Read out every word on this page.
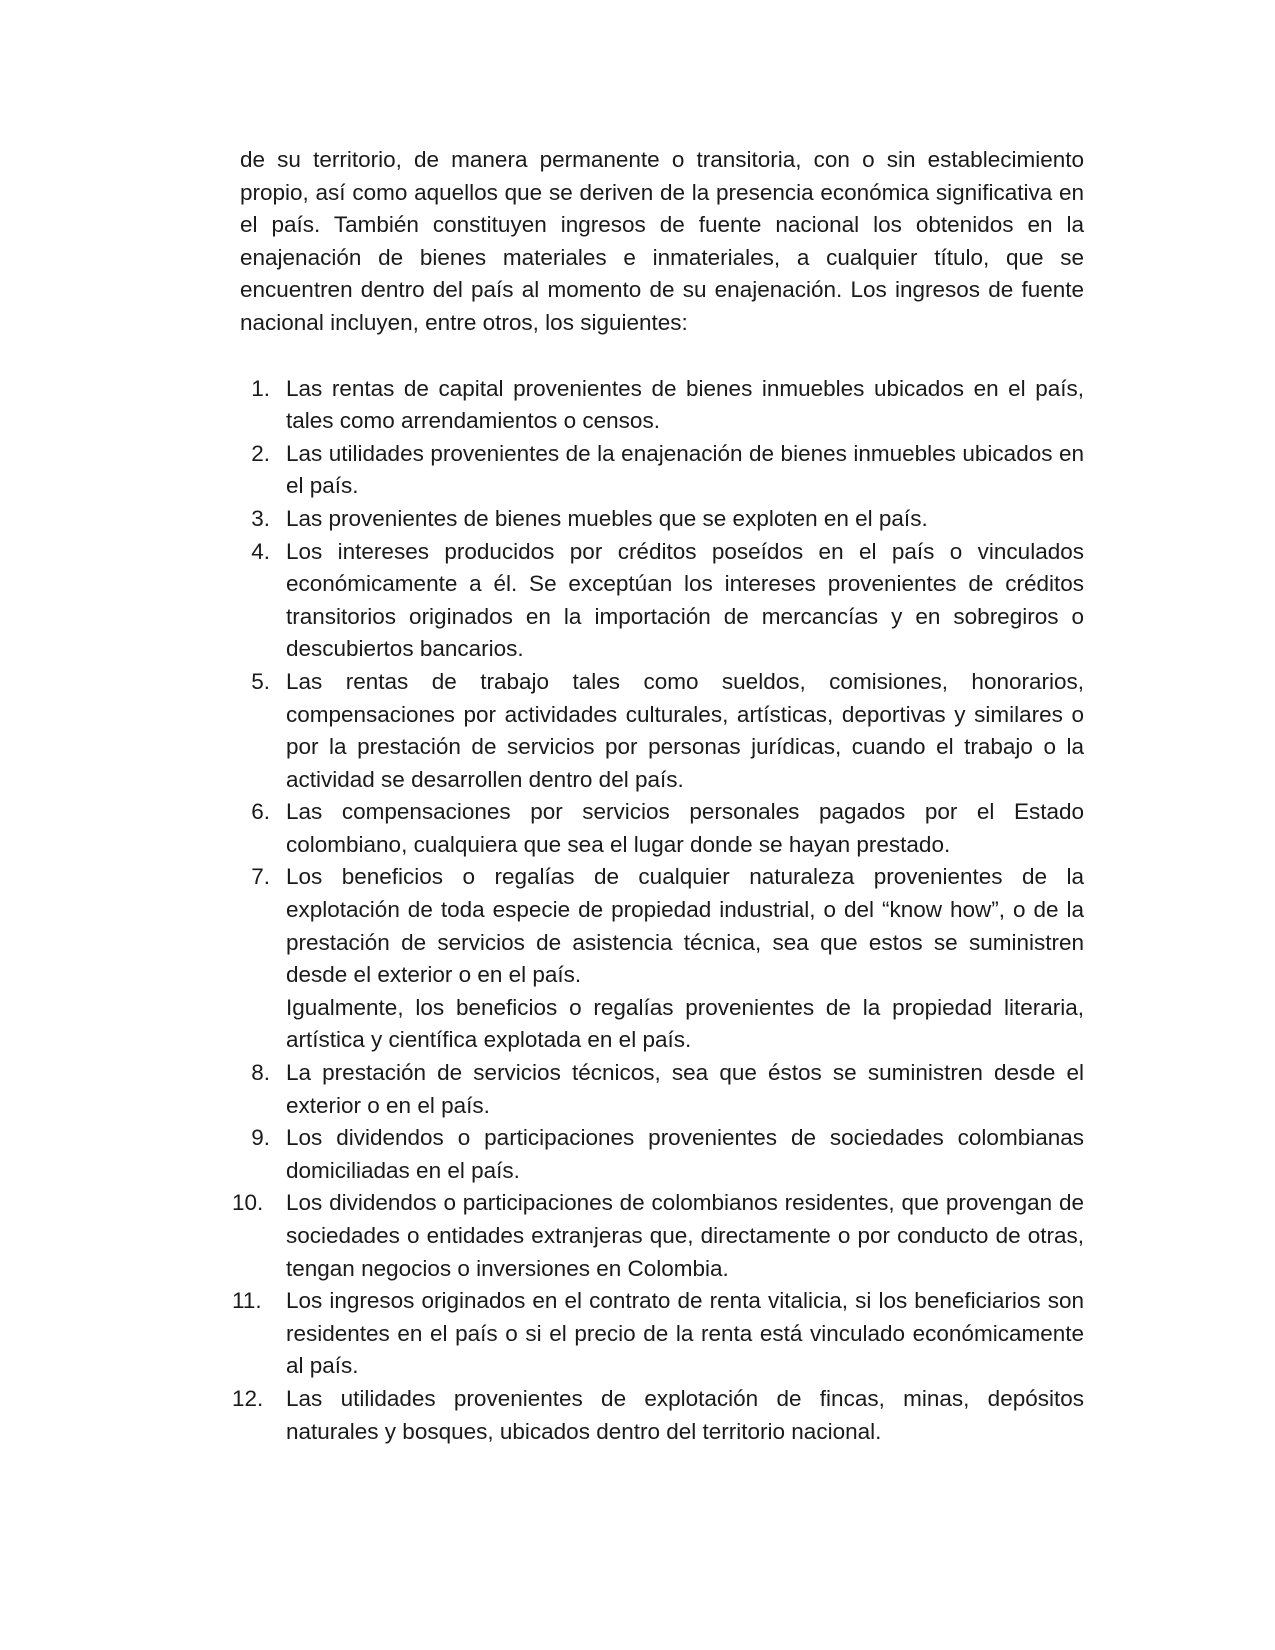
de su territorio, de manera permanente o transitoria, con o sin establecimiento propio, así como aquellos que se deriven de la presencia económica significativa en el país. También constituyen ingresos de fuente nacional los obtenidos en la enajenación de bienes materiales e inmateriales, a cualquier título, que se encuentren dentro del país al momento de su enajenación. Los ingresos de fuente nacional incluyen, entre otros, los siguientes:

1. Las rentas de capital provenientes de bienes inmuebles ubicados en el país, tales como arrendamientos o censos.

2. Las utilidades provenientes de la enajenación de bienes inmuebles ubicados en el país.

3. Las provenientes de bienes muebles que se exploten en el país.

4. Los intereses producidos por créditos poseídos en el país o vinculados económicamente a él. Se exceptúan los intereses provenientes de créditos transitorios originados en la importación de mercancías y en sobregiros o descubiertos bancarios.

5. Las rentas de trabajo tales como sueldos, comisiones, honorarios, compensaciones por actividades culturales, artísticas, deportivas y similares o por la prestación de servicios por personas jurídicas, cuando el trabajo o la actividad se desarrollen dentro del país.

6. Las compensaciones por servicios personales pagados por el Estado colombiano, cualquiera que sea el lugar donde se hayan prestado.

7. Los beneficios o regalías de cualquier naturaleza provenientes de la explotación de toda especie de propiedad industrial, o del “know how”, o de la prestación de servicios de asistencia técnica, sea que estos se suministren desde el exterior o en el país.

Igualmente, los beneficios o regalías provenientes de la propiedad literaria, artística y científica explotada en el país.

8. La prestación de servicios técnicos, sea que éstos se suministren desde el exterior o en el país.

9. Los dividendos o participaciones provenientes de sociedades colombianas domiciliadas en el país.

10.	Los dividendos o participaciones de colombianos residentes, que provengan de sociedades o entidades extranjeras que, directamente o por conducto de otras, tengan negocios o inversiones en Colombia.

11.	Los ingresos originados en el contrato de renta vitalicia, si los beneficiarios son residentes en el país o si el precio de la renta está vinculado económicamente al país.

12.	Las utilidades provenientes de explotación de fincas, minas, depósitos naturales y bosques, ubicados dentro del territorio nacional.
